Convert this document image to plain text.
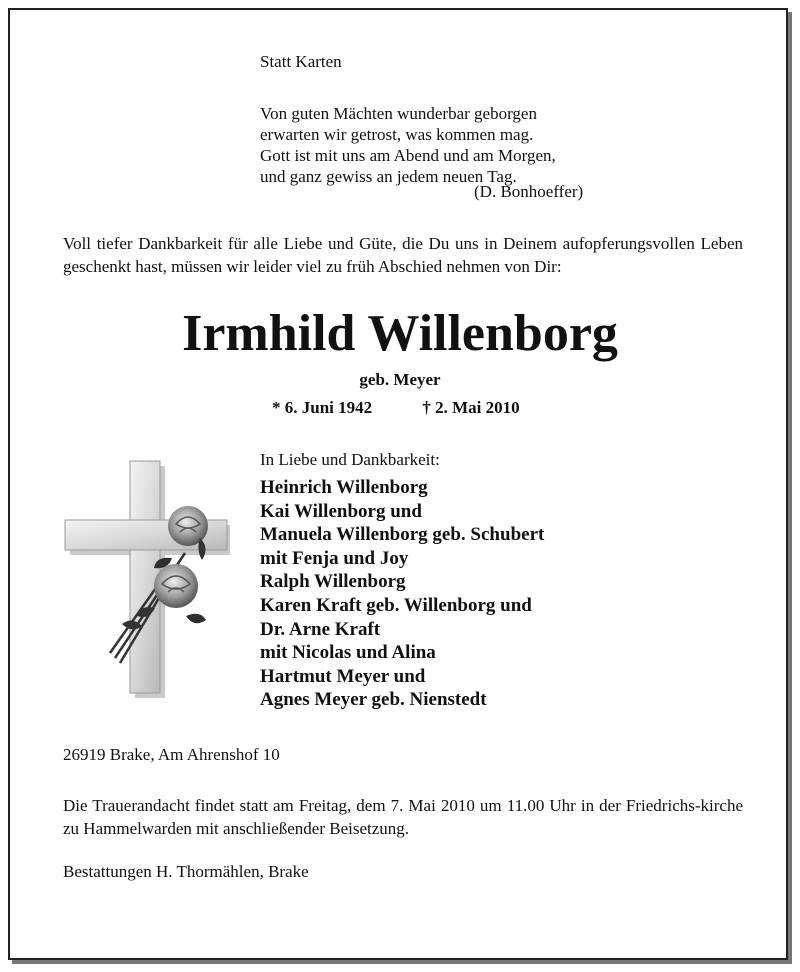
Statt Karten
Von guten Mächten wunderbar geborgen
erwarten wir getrost, was kommen mag.
Gott ist mit uns am Abend und am Morgen,
und ganz gewiss an jedem neuen Tag.
(D. Bonhoeffer)
Voll tiefer Dankbarkeit für alle Liebe und Güte, die Du uns in Deinem aufopferungsvollen Leben geschenkt hast, müssen wir leider viel zu früh Abschied nehmen von Dir:
Irmhild Willenborg
geb. Meyer
* 6. Juni 1942	† 2. Mai 2010
In Liebe und Dankbarkeit:
Heinrich Willenborg
Kai Willenborg und
Manuela Willenborg geb. Schubert
mit Fenja und Joy
Ralph Willenborg
Karen Kraft geb. Willenborg und
Dr. Arne Kraft
mit Nicolas und Alina
Hartmut Meyer und
Agnes Meyer geb. Nienstedt
26919 Brake, Am Ahrenshof 10
Die Trauerandacht findet statt am Freitag, dem 7. Mai 2010 um 11.00 Uhr in der Friedrichs-kirche zu Hammelwarden mit anschließender Beisetzung.
Bestattungen H. Thormählen, Brake
